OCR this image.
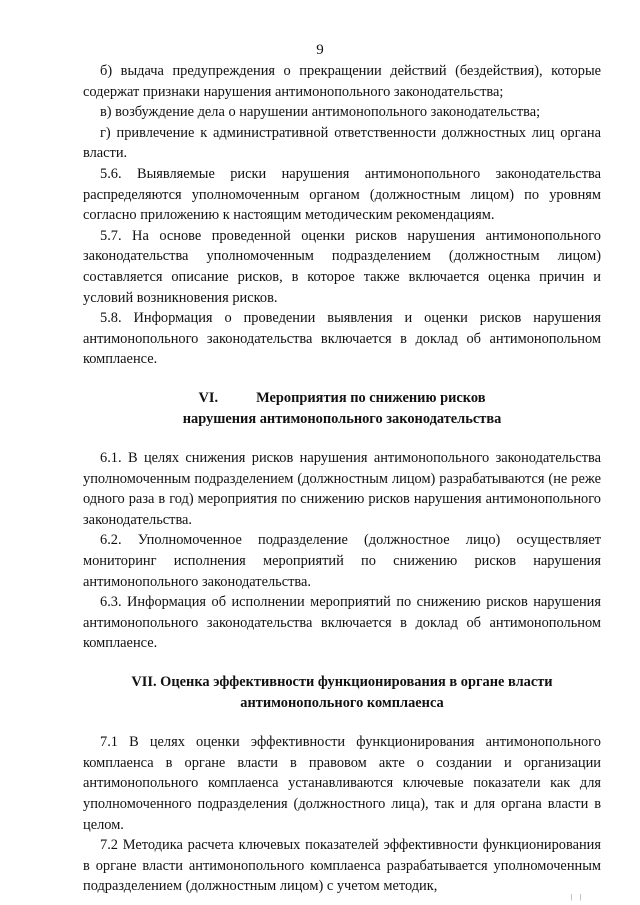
9

б) выдача предупреждения о прекращении действий (бездействия), которые содержат признаки нарушения антимонопольного законодательства;

в) возбуждение дела о нарушении антимонопольного законодательства;

г) привлечение к административной ответственности должностных лиц органа власти.

5.6. Выявляемые риски нарушения антимонопольного законодательства распределяются уполномоченным органом (должностным лицом) по уровням согласно приложению к настоящим методическим рекомендациям.

5.7. На основе проведенной оценки рисков нарушения антимонопольного законодательства уполномоченным подразделением (должностным лицом) составляется описание рисков, в которое также включается оценка причин и условий возникновения рисков.

5.8. Информация о проведении выявления и оценки рисков нарушения антимонопольного законодательства включается в доклад об антимонопольном комплаенсе.

VI.	Мероприятия по снижению рисков
нарушения антимонопольного законодательства

6.1. В целях снижения рисков нарушения антимонопольного законодательства уполномоченным подразделением (должностным лицом) разрабатываются (не реже одного раза в год) мероприятия по снижению рисков нарушения антимонопольного законодательства.

6.2. Уполномоченное подразделение (должностное лицо) осуществляет мониторинг исполнения мероприятий по снижению рисков нарушения антимонопольного законодательства.

6.3. Информация об исполнении мероприятий по снижению рисков нарушения антимонопольного законодательства включается в доклад об антимонопольном комплаенсе.

VII. Оценка эффективности функционирования в органе власти
антимонопольного комплаенса

7.1 В целях оценки эффективности функционирования антимонопольного комплаенса в органе власти в правовом акте о создании и организации антимонопольного комплаенса устанавливаются ключевые показатели как для уполномоченного подразделения (должностного лица), так и для органа власти в целом.

7.2 Методика расчета ключевых показателей эффективности функционирования в органе власти антимонопольного комплаенса разрабатывается уполномоченным подразделением (должностным лицом) с учетом методик,

| |
